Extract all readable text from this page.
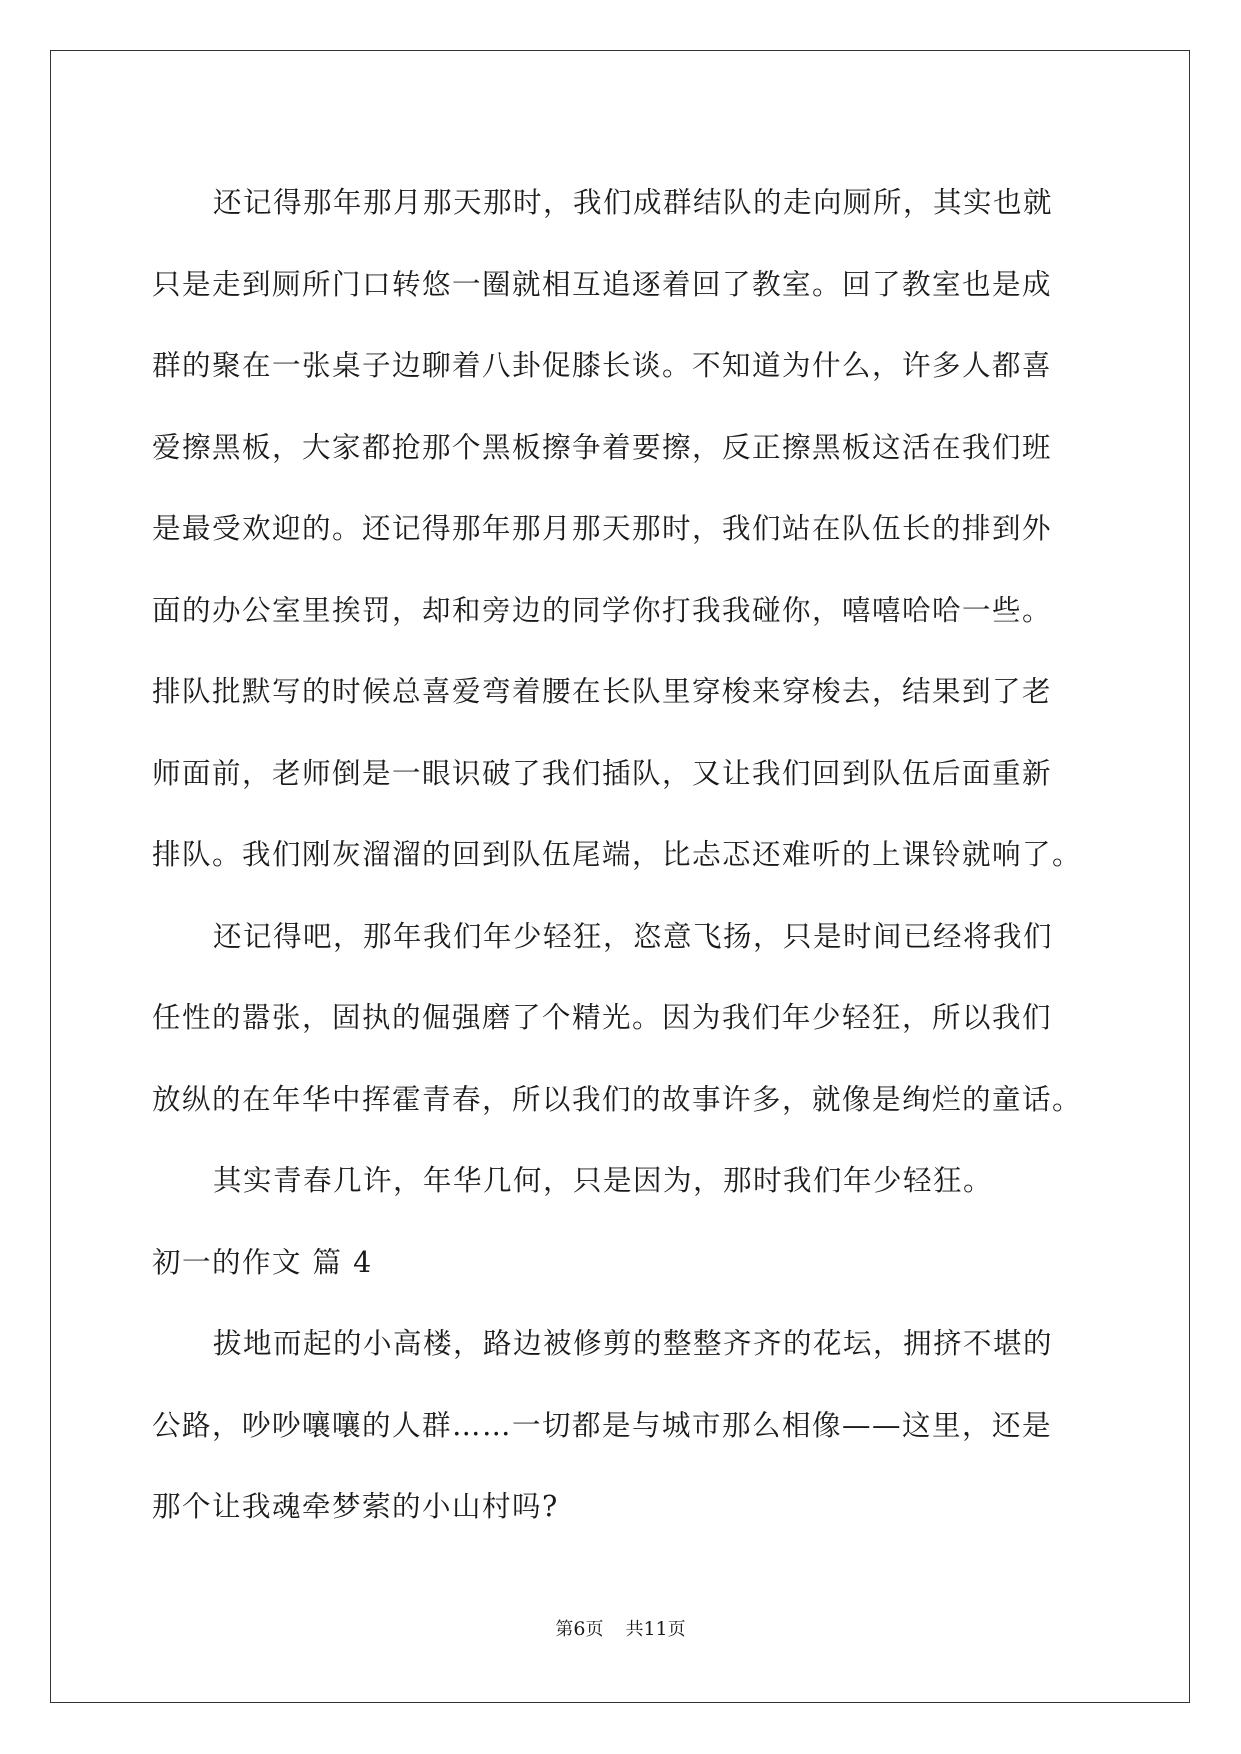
还记得那年那月那天那时，我们成群结队的走向厕所，其实也就
只是走到厕所门口转悠一圈就相互追逐着回了教室。回了教室也是成
群的聚在一张桌子边聊着八卦促膝长谈。不知道为什么，许多人都喜
爱擦黑板，大家都抢那个黑板擦争着要擦，反正擦黑板这活在我们班
是最受欢迎的。还记得那年那月那天那时，我们站在队伍长的排到外
面的办公室里挨罚，却和旁边的同学你打我我碰你，嘻嘻哈哈一些。
排队批默写的时候总喜爱弯着腰在长队里穿梭来穿梭去，结果到了老
师面前，老师倒是一眼识破了我们插队，又让我们回到队伍后面重新
排队。我们刚灰溜溜的回到队伍尾端，比忐忑还难听的上课铃就响了。
还记得吧，那年我们年少轻狂，恣意飞扬，只是时间已经将我们
任性的嚣张，固执的倔强磨了个精光。因为我们年少轻狂，所以我们
放纵的在年华中挥霍青春，所以我们的故事许多，就像是绚烂的童话。
其实青春几许，年华几何，只是因为，那时我们年少轻狂。
初一的作文 篇 4
拔地而起的小高楼，路边被修剪的整整齐齐的花坛，拥挤不堪的
公路，吵吵嚷嚷的人群……一切都是与城市那么相像——这里，还是
那个让我魂牵梦萦的小山村吗?
第6页 共11页
